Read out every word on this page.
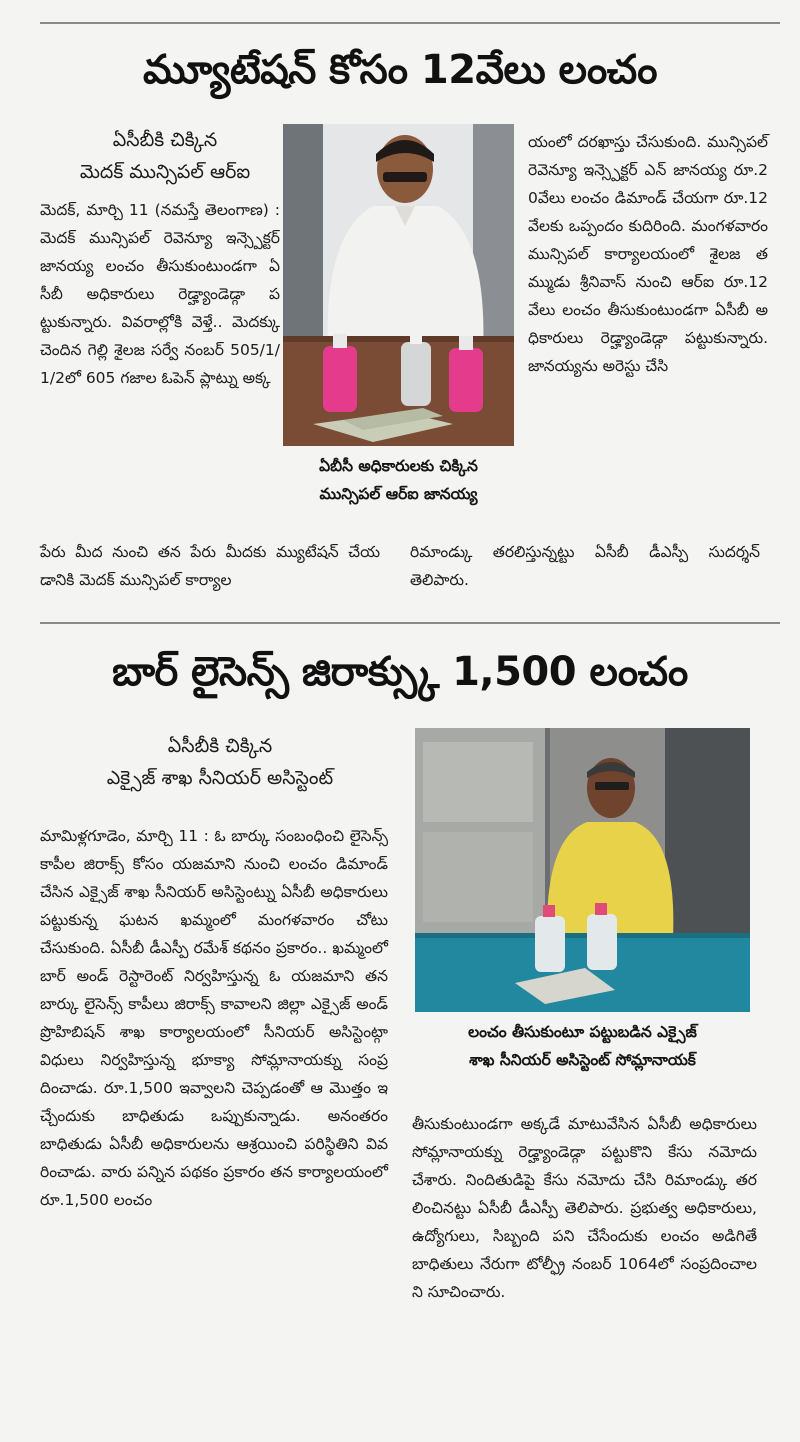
మ్యూటేషన్ కోసం 12వేలు లంచం
ఏసీబీకి చిక్కిన
మెదక్ మున్సిపల్ ఆర్ఐ

మెదక్, మార్చి 11 (నమస్తే తెలంగాణ) : మెదక్ మున్సిపల్ రెవెన్యూ ఇన్స్పెక్టర్ జానయ్య లంచం తీసుకుంటుండగా ఏసీబీ అధికారులు రెడ్హ్యాండెడ్గా పట్టుకున్నారు. వివరాల్లోకి వెళ్తే.. మెదక్కు చెందిన గెల్లి శైలజ సర్వే నంబర్ 505/1/1/2లో 605 గజాల ఓపెన్ ప్లాట్ను అక్క

ఏబీసీ అధికారులకు చిక్కిన
మున్సిపల్ ఆర్ఐ జానయ్య

యంలో దరఖాస్తు చేసుకుంది. మున్సిపల్ రెవెన్యూ ఇన్స్పెక్టర్ ఎన్ జానయ్య రూ.20వేలు లంచం డిమాండ్ చేయగా రూ.12వేలకు ఒప్పందం కుదిరింది. మంగళవారం మున్సిపల్ కార్యాలయంలో శైలజ తమ్ముడు శ్రీనివాస్ నుంచి ఆర్ఐ రూ.12 వేలు లంచం తీసుకుంటుండగా ఏసీబీ అధికారులు రెడ్హ్యాండెడ్గా పట్టుకున్నారు. జానయ్యను అరెస్టు చేసి

పేరు మీద నుంచి తన పేరు మీదకు మ్యుటేషన్ చేయడానికి మెదక్ మున్సిపల్ కార్యాల

రిమాండ్కు తరలిస్తున్నట్టు ఏసీబీ డీఎస్పీ సుదర్శన్ తెలిపారు.

బార్ లైసెన్స్ జిరాక్స్కు 1,500 లంచం
ఏసీబీకి చిక్కిన
ఎక్సైజ్ శాఖ సీనియర్ అసిస్టెంట్

మామిళ్లగూడెం, మార్చి 11 : ఓ బార్కు సంబంధించి లైసెన్స్ కాపీల జిరాక్స్ కోసం యజమాని నుంచి లంచం డిమాండ్ చేసిన ఎక్సైజ్ శాఖ సీనియర్ అసిస్టెంట్ను ఏసీబీ అధికారులు పట్టుకున్న ఘటన ఖమ్మంలో మంగళవారం చోటు చేసుకుంది. ఏసీబీ డీఎస్పీ రమేశ్ కథనం ప్రకారం.. ఖమ్మంలో బార్ అండ్ రెస్టారెంట్ నిర్వహిస్తున్న ఓ యజమాని తన బార్కు లైసెన్స్ కాపీలు జిరాక్స్ కావాలని జిల్లా ఎక్సైజ్ అండ్ ప్రొహిబిషన్ శాఖ కార్యాలయంలో సీనియర్ అసిస్టెంట్గా విధులు నిర్వహిస్తున్న భూక్యా సోమ్లానాయక్ను సంప్రదించాడు. రూ.1,500 ఇవ్వాలని చెప్పడంతో ఆ మొత్తం ఇచ్చేందుకు బాధితుడు ఒప్పుకున్నాడు. అనంతరం బాధితుడు ఏసీబీ అధికారులను ఆశ్రయించి పరిస్థితిని వివరించాడు. వారు పన్నిన పథకం ప్రకారం తన కార్యాలయంలో రూ.1,500 లంచం

లంచం తీసుకుంటూ పట్టుబడిన ఎక్సైజ్
శాఖ సీనియర్ అసిస్టెంట్ సోమ్లానాయక్

తీసుకుంటుండగా అక్కడే మాటువేసిన ఏసీబీ అధికారులు సోమ్లానాయక్ను రెడ్హ్యాండెడ్గా పట్టుకొని కేసు నమోదు చేశారు. నిందితుడిపై కేసు నమోదు చేసి రిమాండ్కు తరలించినట్టు ఏసీబీ డీఎస్పీ తెలిపారు. ప్రభుత్వ అధికారులు, ఉద్యోగులు, సిబ్బంది పని చేసేందుకు లంచం అడిగితే బాధితులు నేరుగా టోల్ఫ్రీ నంబర్ 1064లో సంప్రదించాలని సూచించారు.
